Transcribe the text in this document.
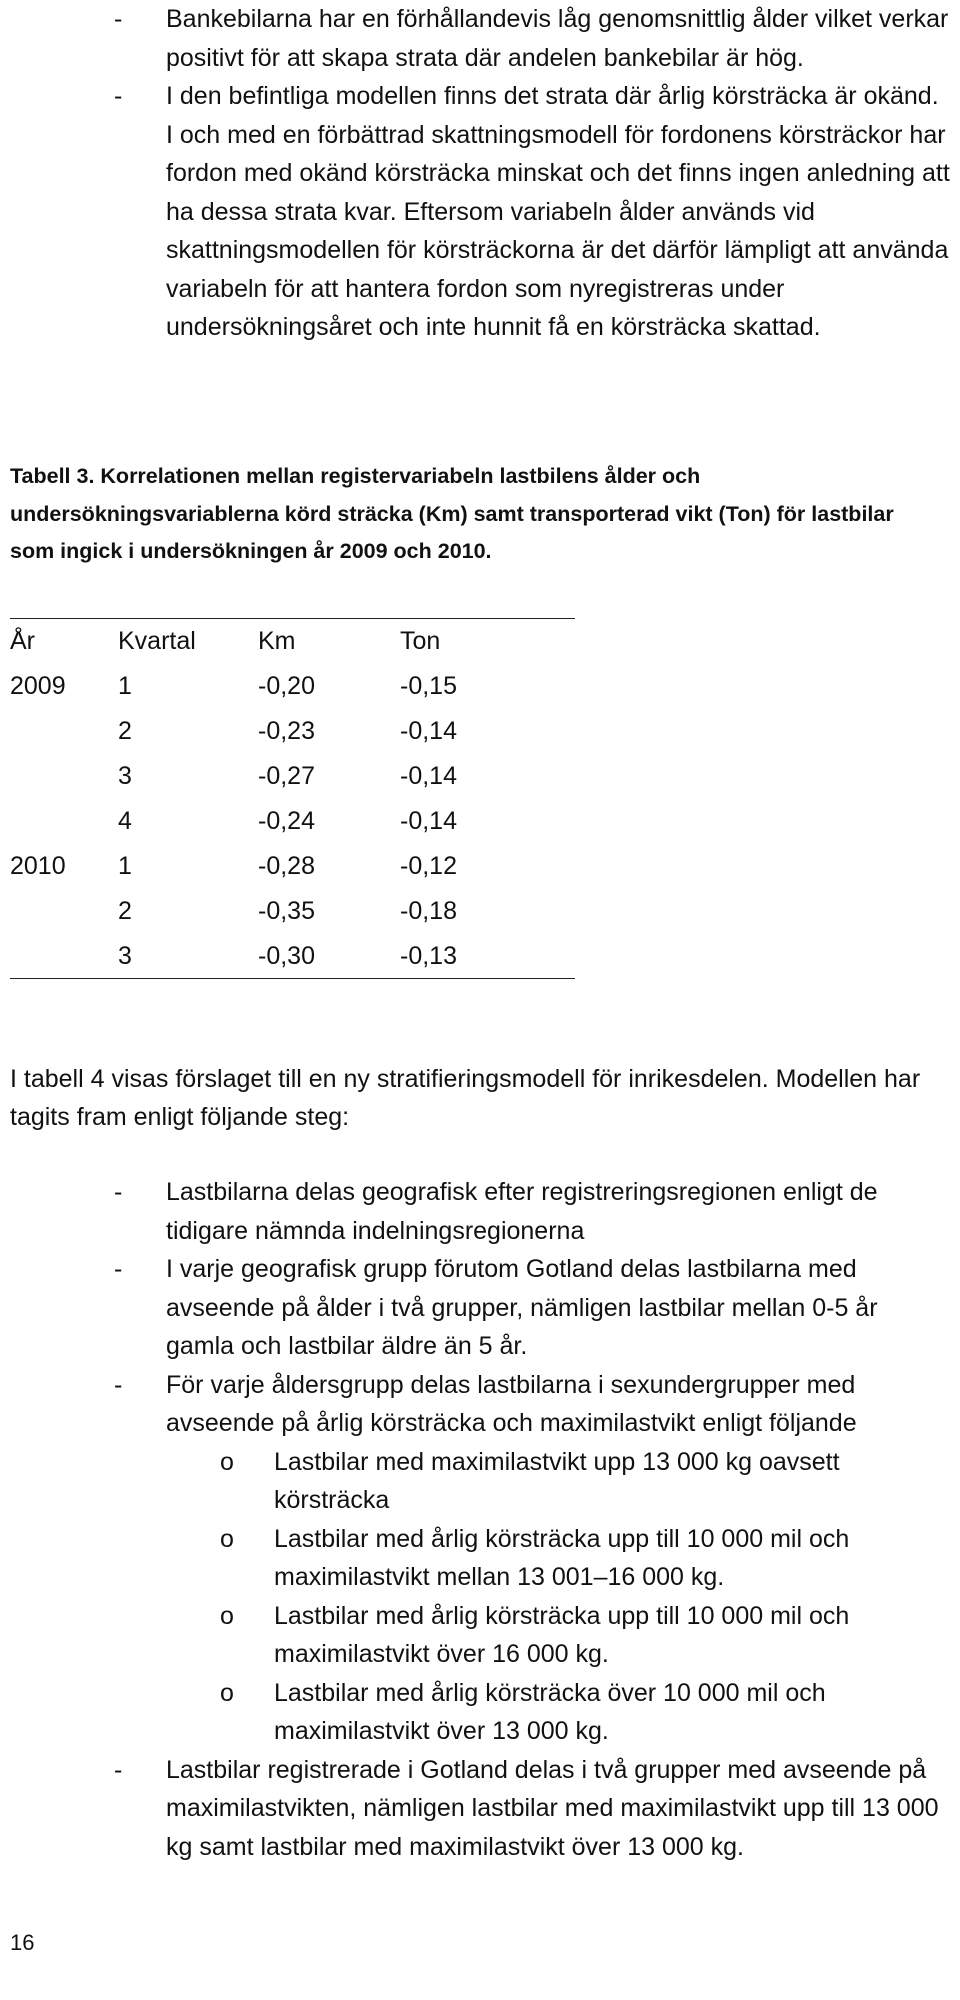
- Bankebilarna har en förhållandevis låg genomsnittlig ålder vilket verkar positivt för att skapa strata där andelen bankebilar är hög.
- I den befintliga modellen finns det strata där årlig körsträcka är okänd. I och med en förbättrad skattningsmodell för fordonens körsträckor har fordon med okänd körsträcka minskat och det finns ingen anledning att ha dessa strata kvar. Eftersom variabeln ålder används vid skattningsmodellen för körsträckorna är det därför lämpligt att använda variabeln för att hantera fordon som nyregistreras under undersökningsåret och inte hunnit få en körsträcka skattad.

Tabell 3. Korrelationen mellan registervariabeln lastbilens ålder och undersökningsvariablerna körd sträcka (Km) samt transporterad vikt (Ton) för lastbilar som ingick i undersökningen år 2009 och 2010.

År	Kvartal	Km	Ton
2009	1	-0,20	-0,15
	2	-0,23	-0,14
	3	-0,27	-0,14
	4	-0,24	-0,14
2010	1	-0,28	-0,12
	2	-0,35	-0,18
	3	-0,30	-0,13

I tabell 4 visas förslaget till en ny stratifieringsmodell för inrikesdelen. Modellen har tagits fram enligt följande steg:

- Lastbilarna delas geografisk efter registreringsregionen enligt de tidigare nämnda indelningsregionerna
- I varje geografisk grupp förutom Gotland delas lastbilarna med avseende på ålder i två grupper, nämligen lastbilar mellan 0-5 år gamla och lastbilar äldre än 5 år.
- För varje åldersgrupp delas lastbilarna i sexundergrupper med avseende på årlig körsträcka och maximilastvikt enligt följande
o Lastbilar med maximilastvikt upp 13 000 kg oavsett körsträcka
o Lastbilar med årlig körsträcka upp till 10 000 mil och maximilastvikt mellan 13 001–16 000 kg.
o Lastbilar med årlig körsträcka upp till 10 000 mil och maximilastvikt över 16 000 kg.
o Lastbilar med årlig körsträcka över 10 000 mil och maximilastvikt över 13 000 kg.
- Lastbilar registrerade i Gotland delas i två grupper med avseende på maximilastvikten, nämligen lastbilar med maximilastvikt upp till 13 000 kg samt lastbilar med maximilastvikt över 13 000 kg.
16
